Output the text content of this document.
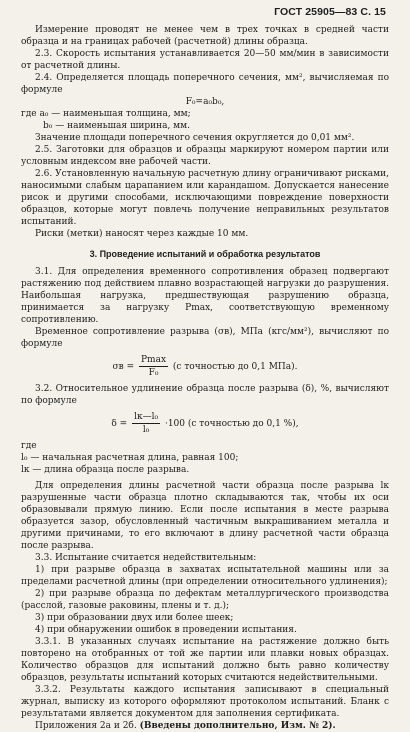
ГОСТ 25905—83 С. 15

Измерение проводят не менее чем в трех точках в средней части образца и на границах рабочей (расчетной) длины образца.

2.3. Скорость испытания устанавливается 20—50 мм/мин в зависимости от расчетной длины.

2.4. Определяется площадь поперечного сечения, мм², вычисляемая по формуле

F₀=a₀b₀,

где a₀ — наименьшая толщина, мм;

b₀ — наименьшая ширина, мм.

Значение площади поперечного сечения округляется до 0,01 мм².

2.5. Заготовки для образцов и образцы маркируют номером партии или условным индексом вне рабочей части.

2.6. Установленную начальную расчетную длину ограничивают рисками, наносимыми слабым царапанием или карандашом. Допускается нанесение рисок и другими способами, исключающими повреждение поверхности образцов, которые могут повлечь получение неправильных результатов испытаний.

Риски (метки) наносят через каждые 10 мм.

3. Проведение испытаний и обработка результатов

3.1. Для определения временного сопротивления образец подвергают растяжению под действием плавно возрастающей нагрузки до разрушения. Наибольшая нагрузка, предшествующая разрушению образца, принимается за нагрузку Pmax, соответствующую временному сопротивлению.

Временное сопротивление разрыва (σв), МПа (кгс/мм²), вычисляют по формуле

$\sigma в = \frac{Pmax}{\text{F₀}} (с$ точностью до 0,1 МПа).

3.2. Относительное удлинение образца после разрыва (δ), %, вычисляют по формуле

$\delta = \frac{\text{lк—l₀}}{\text{l₀}} \cdot 100$ (с точностью до 0,1 %),

где

l₀ — начальная расчетная длина, равная 100;

lк — длина образца после разрыва.

Для определения длины расчетной части образца после разрыва lк разрушенные части образца плотно складываются так, чтобы их оси образовывали прямую линию. Если после испытания в месте разрыва образуется зазор, обусловленный частичным выкрашиванием металла и другими причинами, то его включают в длину расчетной части образца после разрыва.

3.3. Испытание считается недействительным:

1) при разрыве образца в захватах испытательной машины или за пределами расчетной длины (при определении относительного удлинения);

2) при разрыве образца по дефектам металлургического производства (расслой, газовые раковины, плены и т. д.);

3) при образовании двух или более шеек;

4) при обнаружении ошибок в проведении испытания.

3.3.1. В указанных случаях испытание на растяжение должно быть повторено на отобранных от той же партии или плавки новых образцах. Количество образцов для испытаний должно быть равно количеству образцов, результаты испытаний которых считаются недействительными.

3.3.2. Результаты каждого испытания записывают в специальный журнал, выписку из которого оформляют протоколом испытаний. Бланк с результатами является документом для заполнения сертификата.

Приложения 2а и 2б. (Введены дополнительно, Изм. № 2).
